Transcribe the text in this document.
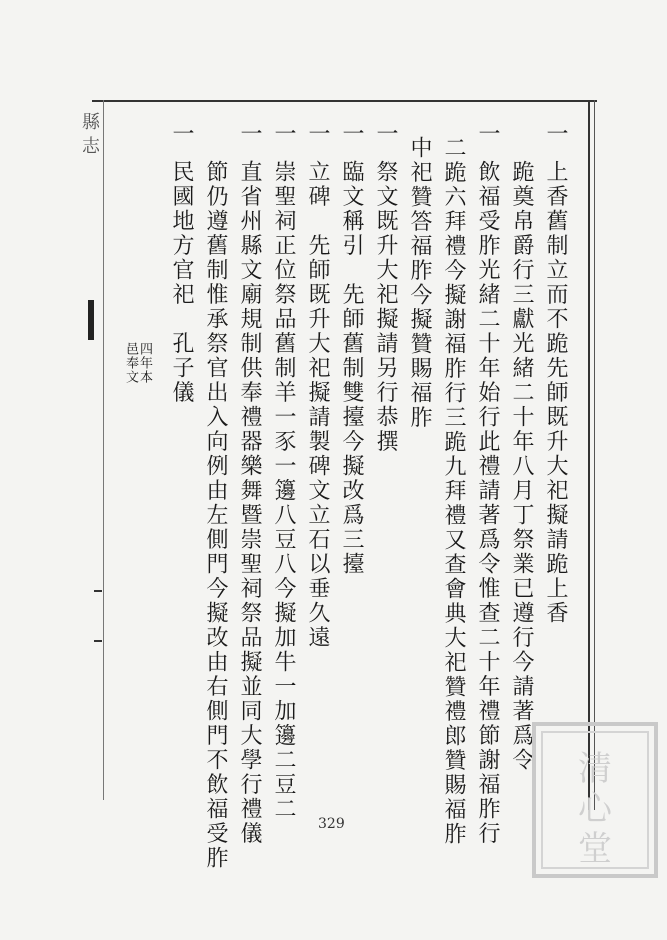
縣志	一
上香舊制立而不跪先師既升大祀擬請跪上香
跪奠帛爵行三獻光緒二十年八月丁祭業已遵行今請著爲令
一
飲福受胙光緒二十年始行此禮請著爲令惟查二十年禮節謝福胙行
二跪六拜禮今擬謝福胙行三跪九拜禮又查會典大祀贊禮郎贊賜福胙
中祀贊答福胙今擬贊賜福胙
一
祭文既升大祀擬請另行恭撰
一
臨文稱引　先師舊制雙擡今擬改爲三擡
一
立碑　先師既升大祀擬請製碑文立石以垂久遠
一
崇聖祠正位祭品舊制羊一豕一籩八豆八今擬加牛一加籩二豆二
一
直省州縣文廟規制供奉禮器樂舞暨崇聖祠祭品擬並同大學行禮儀
節仍遵舊制惟承祭官出入向例由左側門今擬改由右側門不飲福受胙
一
民國地方官祀　孔子儀
四年本
邑奉文
329
清
心
堂
